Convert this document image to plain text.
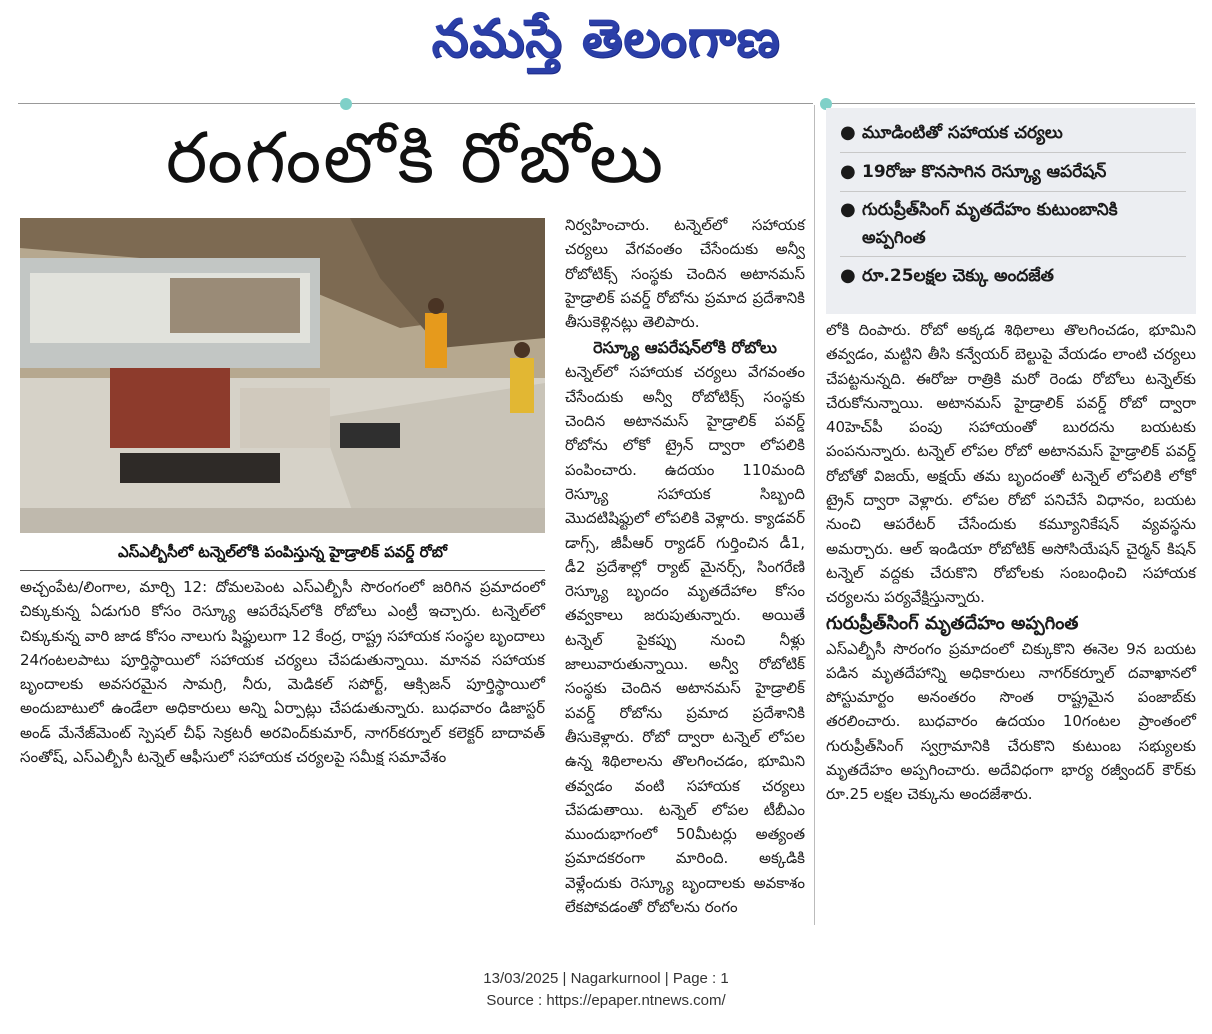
నమస్తే తెలంగాణ
రంగంలోకి రోబోలు
ఎస్ఎల్బీసీలో టన్నెల్‌లోకి పంపిస్తున్న హైడ్రాలిక్ పవర్డ్ రోబో

అచ్చంపేట/లింగాల, మార్చి 12: దోమలపెంట ఎస్ఎల్బీసీ సొరంగంలో జరిగిన ప్రమాదంలో చిక్కుకున్న ఏడుగురి కోసం రెస్క్యూ ఆపరేషన్‌లోకి రోబోలు ఎంట్రీ ఇచ్చారు. టన్నెల్‌లో చిక్కుకున్న వారి జాడ కోసం నాలుగు షిఫ్టులుగా 12 కేంద్ర, రాష్ట్ర సహాయక సంస్థల బృందాలు 24గంటలపాటు పూర్తిస్థాయిలో సహాయక చర్యలు చేపడుతున్నాయి. మానవ సహాయక బృందాలకు అవసరమైన సామగ్రి, నీరు, మెడికల్ సపోర్ట్, ఆక్సిజన్ పూర్తిస్థాయిలో అందుబాటులో ఉండేలా అధికారులు అన్ని ఏర్పాట్లు చేపడుతున్నారు. బుధవారం డిజాస్టర్ అండ్ మేనేజ్‌మెంట్ స్పెషల్ చీఫ్ సెక్రటరీ అరవింద్‌కుమార్, నాగర్‌కర్నూల్ కలెక్టర్ బాదావత్ సంతోష్, ఎస్ఎల్బీసీ టన్నెల్ ఆఫీసులో సహాయక చర్యలపై సమీక్ష సమావేశం

నిర్వహించారు. టన్నెల్‌లో సహాయక చర్యలు వేగవంతం చేసేందుకు అన్వీ రోబోటిక్స్ సంస్థకు చెందిన అటానమస్ హైడ్రాలిక్ పవర్డ్ రోబోను ప్రమాద ప్రదేశానికి తీసుకెళ్లినట్లు తెలిపారు.

రెస్క్యూ ఆపరేషన్‌లోకి రోబోలు

టన్నెల్‌లో సహాయక చర్యలు వేగవంతం చేసేందుకు అన్వీ రోబోటిక్స్ సంస్థకు చెందిన అటానమస్ హైడ్రాలిక్ పవర్డ్ రోబోను లోకో ట్రైన్ ద్వారా లోపలికి పంపించారు. ఉదయం 110మంది రెస్క్యూ సహాయక సిబ్బంది మొదటిషిఫ్టులో లోపలికి వెళ్లారు. క్యాడవర్ డాగ్స్, జీపీఆర్ ర్యాడర్ గుర్తించిన డీ1, డీ2 ప్రదేశాల్లో ర్యాట్ మైనర్స్, సింగరేణి రెస్క్యూ బృందం మృతదేహాల కోసం తవ్వకాలు జరుపుతున్నారు. అయితే టన్నెల్ పైకప్పు నుంచి నీళ్లు జాలువారుతున్నాయి. అన్వీ రోబోటిక్ సంస్థకు చెందిన అటానమస్ హైడ్రాలిక్ పవర్డ్ రోబోను ప్రమాద ప్రదేశానికి తీసుకెళ్లారు. రోబో ద్వారా టన్నెల్ లోపల ఉన్న శిథిలాలను తొలగించడం, భూమిని తవ్వడం వంటి సహాయక చర్యలు చేపడుతాయి. టన్నెల్ లోపల టీబీఎం ముందుభాగంలో 50మీటర్లు అత్యంత ప్రమాదకరంగా మారింది. అక్కడికి వెళ్లేందుకు రెస్క్యూ బృందాలకు అవకాశం లేకపోవడంతో రోబోలను రంగం

● మూడింటితో సహాయక చర్యలు
● 19రోజు కొనసాగిన రెస్క్యూ ఆపరేషన్
● గురుప్రీత్‌సింగ్ మృతదేహం కుటుంబానికి అప్పగింత
● రూ.25లక్షల చెక్కు అందజేత

లోకి దింపారు. రోబో అక్కడ శిథిలాలు తొలగించడం, భూమిని తవ్వడం, మట్టిని తీసి కన్వేయర్ బెల్టుపై వేయడం లాంటి చర్యలు చేపట్టనున్నది. ఈరోజు రాత్రికి మరో రెండు రోబోలు టన్నెల్‌కు చేరుకోనున్నాయి. అటానమస్ హైడ్రాలిక్ పవర్డ్ రోబో ద్వారా 40హెచ్‌పీ పంపు సహాయంతో బురదను బయటకు పంపనున్నారు. టన్నెల్ లోపల రోబో అటానమస్ హైడ్రాలిక్ పవర్డ్ రోబోతో విజయ్, అక్షయ్ తమ బృందంతో టన్నెల్ లోపలికి లోకో ట్రైన్ ద్వారా వెళ్లారు. లోపల రోబో పనిచేసే విధానం, బయట నుంచి ఆపరేటర్ చేసేందుకు కమ్యూనికేషన్ వ్యవస్థను అమర్చారు. ఆల్ ఇండియా రోబోటిక్ అసోసియేషన్ చైర్మన్ కిషన్ టన్నెల్ వద్దకు చేరుకొని రోబోలకు సంబంధించి సహాయక చర్యలను పర్యవేక్షిస్తున్నారు.

గురుప్రీత్‌సింగ్ మృతదేహం అప్పగింత

ఎస్ఎల్బీసీ సొరంగం ప్రమాదంలో చిక్కుకొని ఈనెల 9న బయట పడిన మృతదేహాన్ని అధికారులు నాగర్‌కర్నూల్ దవాఖానలో పోస్టుమార్టం అనంతరం సొంత రాష్ట్రమైన పంజాబ్‌కు తరలించారు. బుధవారం ఉదయం 10గంటల ప్రాంతంలో గురుప్రీత్‌సింగ్ స్వగ్రామానికి చేరుకొని కుటుంబ సభ్యులకు మృతదేహం అప్పగించారు. అదేవిధంగా భార్య రజ్వీందర్ కౌర్‌కు రూ.25 లక్షల చెక్కును అందజేశారు.

13/03/2025 | Nagarkurnool | Page : 1
Source : https://epaper.ntnews.com/
